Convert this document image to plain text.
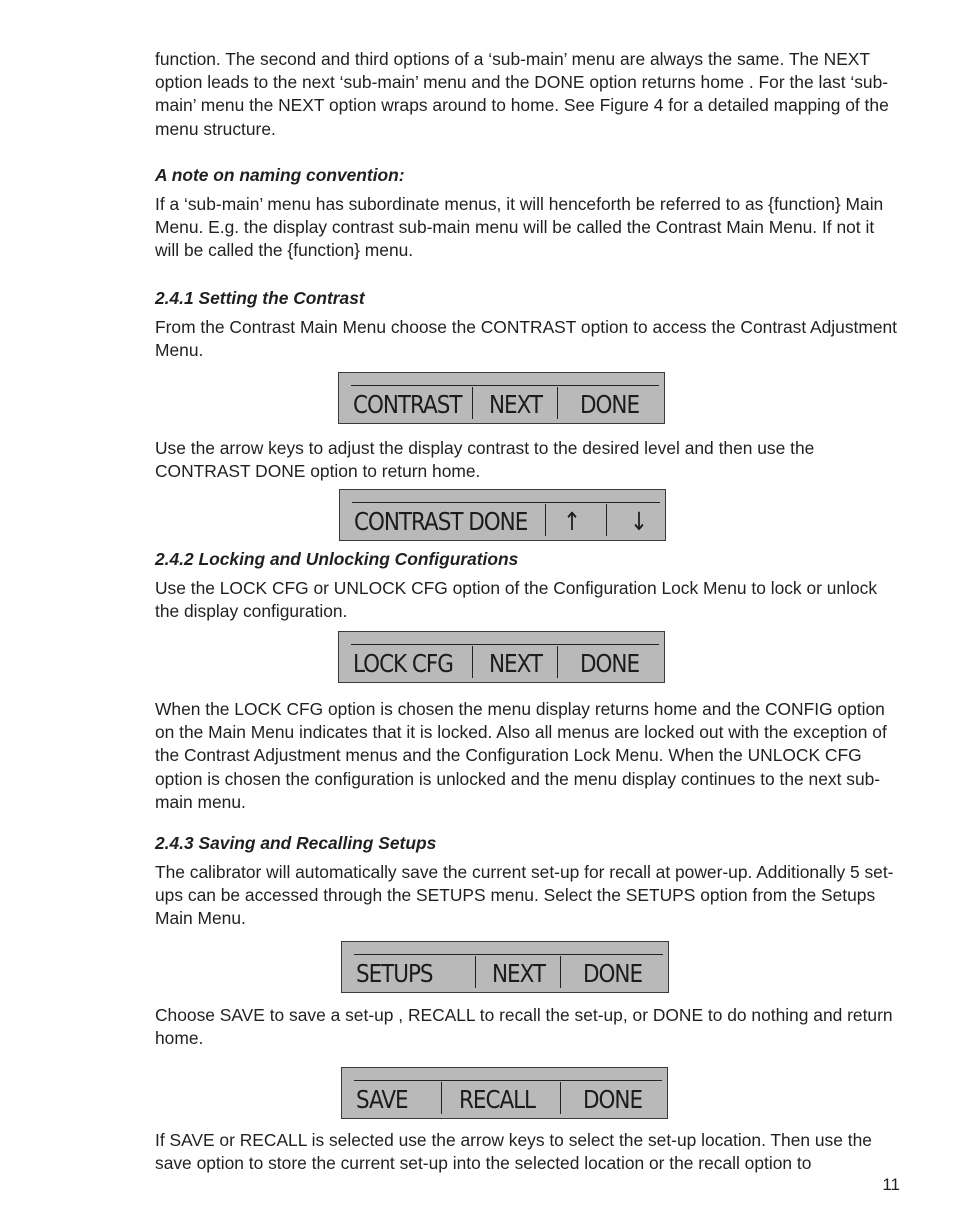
function. The second and third options of a ‘sub-main’ menu are always the same. The NEXT option leads to the next ‘sub-main’ menu and the DONE option returns home . For the last ‘sub-main’ menu the NEXT option wraps around to home. See Figure 4 for a detailed mapping of the menu structure.

A note on naming convention:

If a ‘sub-main’ menu has subordinate menus, it will henceforth be referred to as {function} Main Menu. E.g. the display contrast sub-main menu will be called the Contrast Main Menu. If not it will be called the {function} menu.

2.4.1 Setting the Contrast

From the Contrast Main Menu choose the CONTRAST option to access the Contrast Adjustment Menu.

CONTRAST NEXT DONE

Use the arrow keys to adjust the display contrast to the desired level and then use the CONTRAST DONE option to return home.

CONTRAST DONE ↑ ↓

2.4.2 Locking and Unlocking Configurations

Use the LOCK CFG or UNLOCK CFG option of the Configuration Lock Menu to lock or unlock the display configuration.

LOCK CFG NEXT DONE

When the LOCK CFG option is chosen the menu display returns home and the CONFIG option on the Main Menu indicates that it is locked. Also all menus are locked out with the exception of the Contrast Adjustment menus and the Configuration Lock Menu. When the UNLOCK CFG option is chosen the configuration is unlocked and the menu display continues to the next sub-main menu.

2.4.3 Saving and Recalling Setups

The calibrator will automatically save the current set-up for recall at power-up. Additionally 5 set-ups can be accessed through the SETUPS menu. Select the SETUPS option from the Setups Main Menu.

SETUPS NEXT DONE

Choose SAVE to save a set-up , RECALL to recall the set-up, or DONE to do nothing and return home.

SAVE RECALL DONE

If SAVE or RECALL is selected use the arrow keys to select the set-up location. Then use the save option to store the current set-up into the selected location or the recall option to

11
